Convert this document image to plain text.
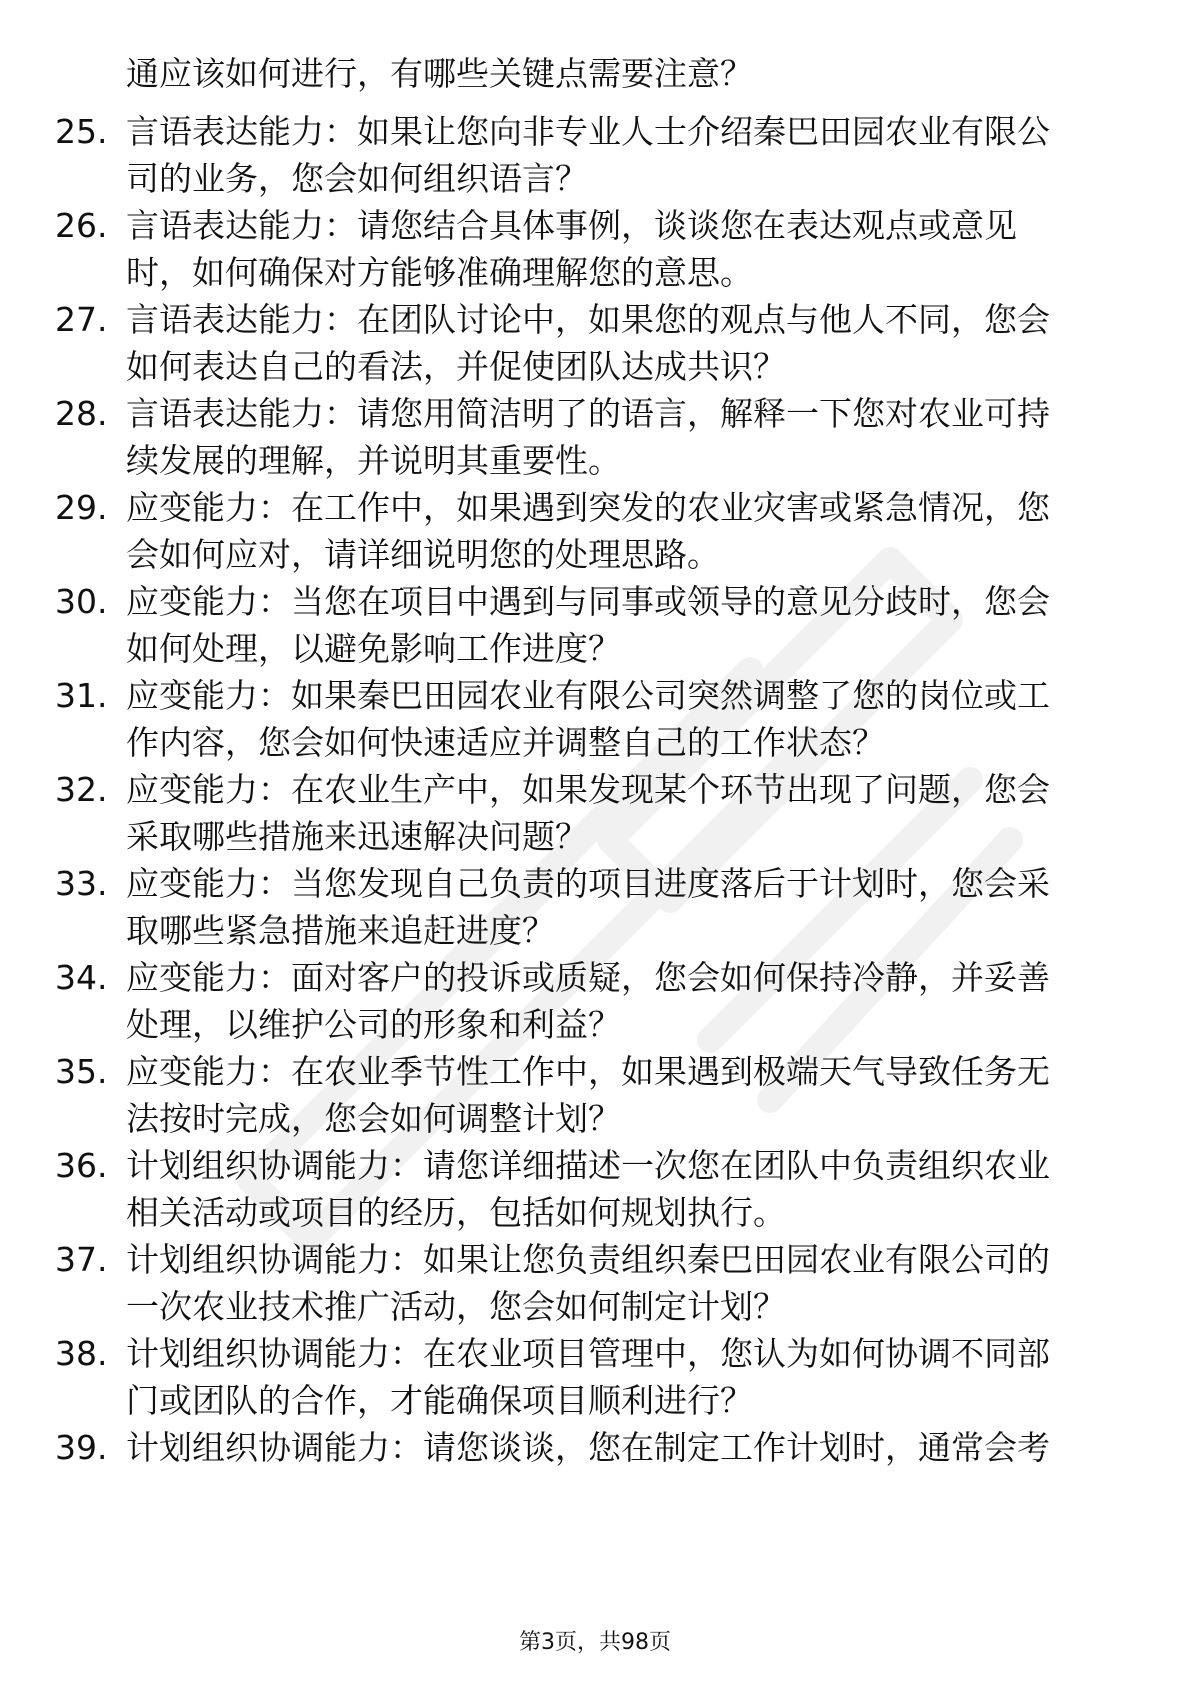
通应该如何进行，有哪些关键点需要注意？
25. 言语表达能力：如果让您向非专业人士介绍秦巴田园农业有限公
司的业务，您会如何组织语言？
26. 言语表达能力：请您结合具体事例，谈谈您在表达观点或意见
时，如何确保对方能够准确理解您的意思。
27. 言语表达能力：在团队讨论中，如果您的观点与他人不同，您会
如何表达自己的看法，并促使团队达成共识？
28. 言语表达能力：请您用简洁明了的语言，解释一下您对农业可持
续发展的理解，并说明其重要性。
29. 应变能力：在工作中，如果遇到突发的农业灾害或紧急情况，您
会如何应对，请详细说明您的处理思路。
30. 应变能力：当您在项目中遇到与同事或领导的意见分歧时，您会
如何处理，以避免影响工作进度？
31. 应变能力：如果秦巴田园农业有限公司突然调整了您的岗位或工
作内容，您会如何快速适应并调整自己的工作状态？
32. 应变能力：在农业生产中，如果发现某个环节出现了问题，您会
采取哪些措施来迅速解决问题？
33. 应变能力：当您发现自己负责的项目进度落后于计划时，您会采
取哪些紧急措施来追赶进度？
34. 应变能力：面对客户的投诉或质疑，您会如何保持冷静，并妥善
处理，以维护公司的形象和利益？
35. 应变能力：在农业季节性工作中，如果遇到极端天气导致任务无
法按时完成，您会如何调整计划？
36. 计划组织协调能力：请您详细描述一次您在团队中负责组织农业
相关活动或项目的经历，包括如何规划执行。
37. 计划组织协调能力：如果让您负责组织秦巴田园农业有限公司的
一次农业技术推广活动，您会如何制定计划？
38. 计划组织协调能力：在农业项目管理中，您认为如何协调不同部
门或团队的合作，才能确保项目顺利进行？
39. 计划组织协调能力：请您谈谈，您在制定工作计划时，通常会考
第3页，共98页
